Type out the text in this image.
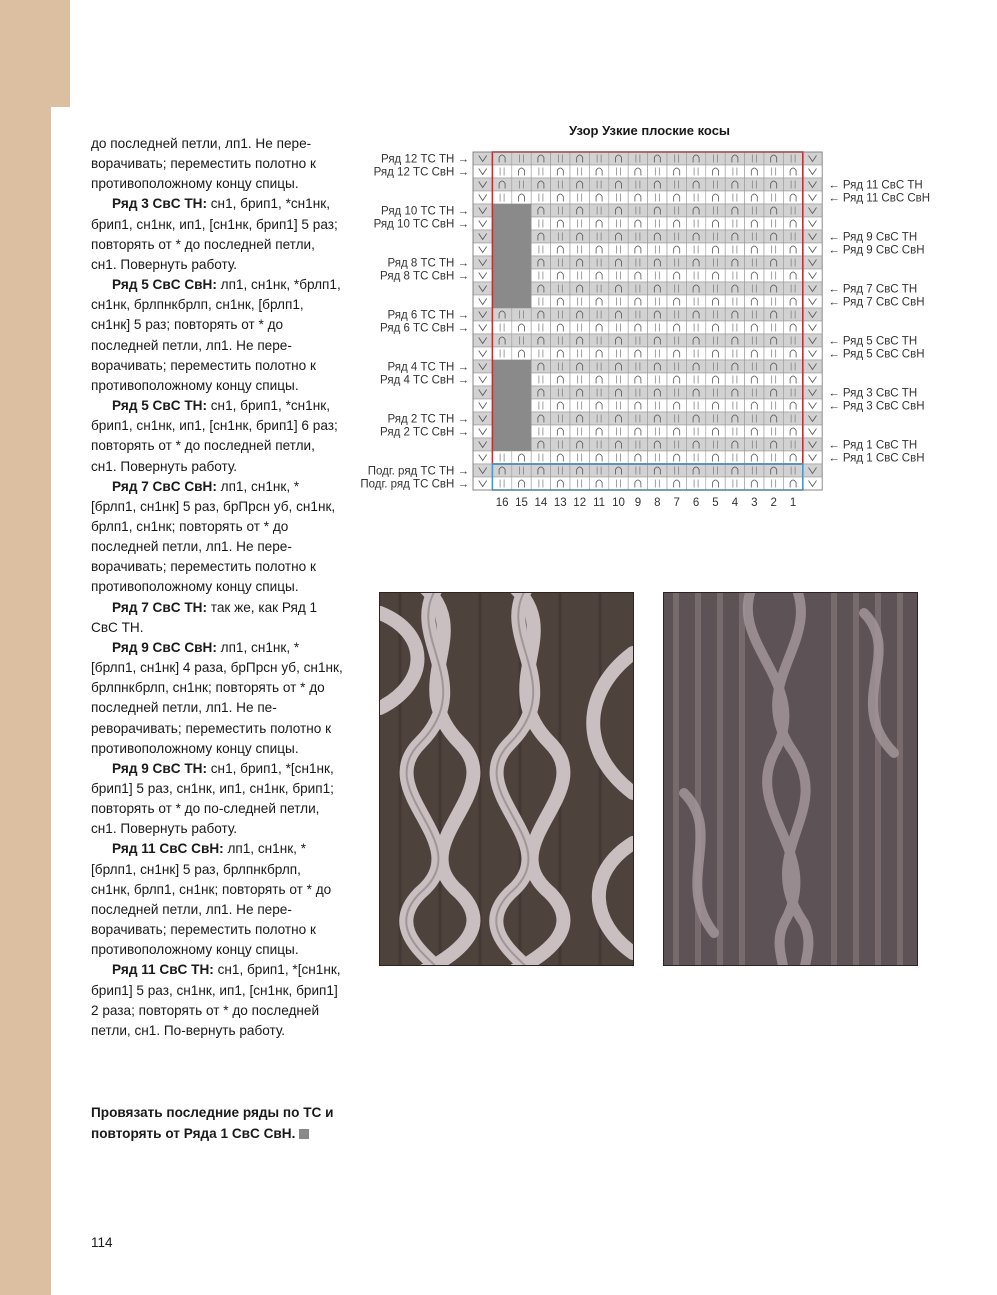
до последней петли, лп1. Не пере-ворачивать; переместить полотно к противоположному концу спицы.

Ряд 3 СвС ТН: сн1, брип1, *сн1нк, брип1, сн1нк, ип1, [сн1нк, брип1] 5 раз; повторять от * до последней петли, сн1. Повернуть работу.

Ряд 5 СвС СвН: лп1, сн1нк, *брлп1, сн1нк, брлпнкбрлп, сн1нк, [брлп1, сн1нк] 5 раз; повторять от * до последней петли, лп1. Не пере-ворачивать; переместить полотно к противоположному концу спицы.

Ряд 5 СвС ТН: сн1, брип1, *сн1нк, брип1, сн1нк, ип1, [сн1нк, брип1] 6 раз; повторять от * до последней петли, сн1. Повернуть работу.

Ряд 7 СвС СвН: лп1, сн1нк, *[брлп1, сн1нк] 5 раз, брПрсн уб, сн1нк, брлп1, сн1нк; повторять от * до последней петли, лп1. Не пере-ворачивать; переместить полотно к противоположному концу спицы.

Ряд 7 СвС ТН: так же, как Ряд 1 СвС ТН.

Ряд 9 СвС СвН: лп1, сн1нк, *[брлп1, сн1нк] 4 раза, брПрсн уб, сн1нк, брлпнкбрлп, сн1нк; повторять от * до последней петли, лп1. Не пе-реворачивать; переместить полотно к противоположному концу спицы.

Ряд 9 СвС ТН: сн1, брип1, *[сн1нк, брип1] 5 раз, сн1нк, ип1, сн1нк, брип1; повторять от * до по-следней петли, сн1. Повернуть работу.

Ряд 11 СвС СвН: лп1, сн1нк, *[брлп1, сн1нк] 5 раз, брлпнкбрлп, сн1нк, брлп1, сн1нк; повторять от * до последней петли, лп1. Не пере-ворачивать; переместить полотно к противоположному концу спицы.

Ряд 11 СвС ТН: сн1, брип1, *[сн1нк, брип1] 5 раз, сн1нк, ип1, [сн1нк, брип1] 2 раза; повторять от * до последней петли, сн1. По-вернуть работу.

Провязать последние ряды по ТС и повторять от Ряда 1 СвС СвН.
114
Узор Узкие плоские косы
Ряд 12 ТС ТН →
Ряд 12 ТС СвН →
Ряд 10 ТС ТН →
Ряд 10 ТС СвН →
Ряд 8 ТС ТН →
Ряд 8 ТС СвН →
Ряд 6 ТС ТН →
Ряд 6 ТС СвН →
Ряд 4 ТС ТН →
Ряд 4 ТС СвН →
Ряд 2 ТС ТН →
Ряд 2 ТС СвН →
Подг. ряд ТС ТН →
Подг. ряд ТС СвН →
← Ряд 11 СвС ТН
← Ряд 11 СвС СвН
← Ряд 9 СвС ТН
← Ряд 9 СвС СвН
← Ряд 7 СвС ТН
← Ряд 7 СвС СвН
← Ряд 5 СвС ТН
← Ряд 5 СвС СвН
← Ряд 3 СвС ТН
← Ряд 3 СвС СвН
← Ряд 1 СвС ТН
← Ряд 1 СвС СвН
16 15 14 13 12 11 10 9 8 7 6 5 4 3 2 1
